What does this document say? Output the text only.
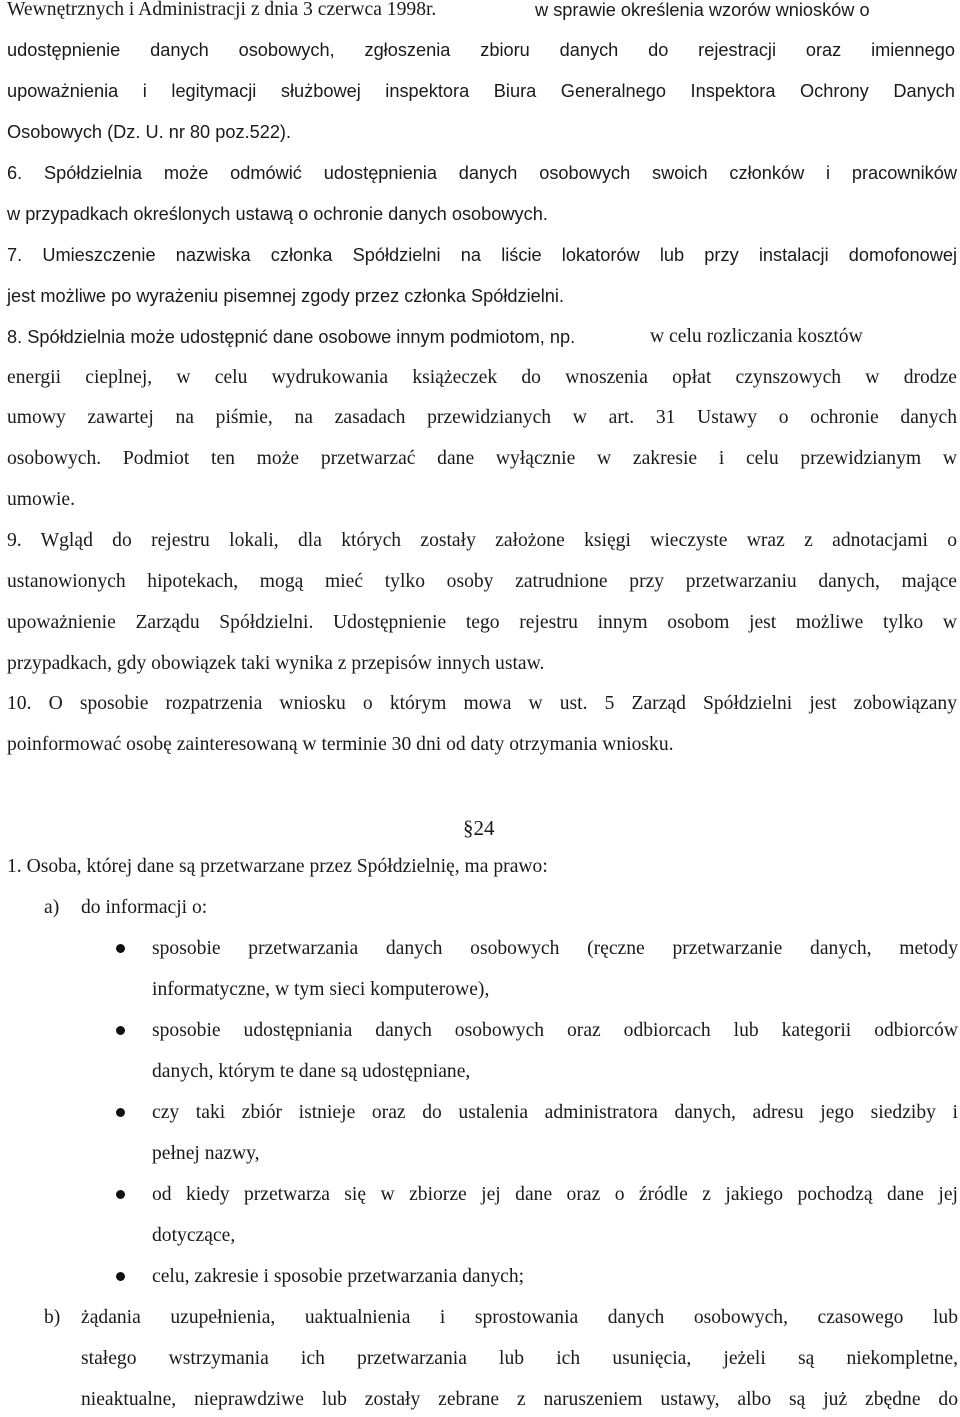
Wewnętrznych i Administracji z dnia 3 czerwca 1998r.	w sprawie określenia wzorów wniosków o
udostępnienie danych osobowych, zgłoszenia zbioru danych do rejestracji oraz imiennego
upoważnienia i legitymacji służbowej inspektora Biura Generalnego Inspektora Ochrony Danych
Osobowych (Dz. U. nr 80 poz.522).
6. Spółdzielnia może odmówić udostępnienia danych osobowych swoich członków i pracowników
w przypadkach określonych ustawą o ochronie danych osobowych.
7. Umieszczenie nazwiska członka Spółdzielni na liście lokatorów lub przy instalacji domofonowej
jest możliwe po wyrażeniu pisemnej zgody przez członka Spółdzielni.
8. Spółdzielnia może udostępnić dane osobowe innym podmiotom, np.	w celu rozliczania kosztów
energii cieplnej, w celu wydrukowania książeczek do wnoszenia opłat czynszowych w drodze
umowy zawartej na piśmie, na zasadach przewidzianych w art. 31 Ustawy o ochronie danych
osobowych. Podmiot ten może przetwarzać dane wyłącznie w zakresie i celu przewidzianym w
umowie.
9. Wgląd do rejestru lokali, dla których zostały założone księgi wieczyste wraz z adnotacjami o
ustanowionych hipotekach, mogą mieć tylko osoby zatrudnione przy przetwarzaniu danych, mające
upoważnienie Zarządu Spółdzielni. Udostępnienie tego rejestru innym osobom jest możliwe tylko w
przypadkach, gdy obowiązek taki wynika z przepisów innych ustaw.
10. O sposobie rozpatrzenia wniosku o którym mowa w ust. 5 Zarząd Spółdzielni jest zobowiązany
poinformować osobę zainteresowaną w terminie 30 dni od daty otrzymania wniosku.
§24
1. Osoba, której dane są przetwarzane przez Spółdzielnię, ma prawo:
a) do informacji o:
sposobie przetwarzania danych osobowych (ręczne przetwarzanie danych, metody
informatyczne, w tym sieci komputerowe),
sposobie udostępniania danych osobowych oraz odbiorcach lub kategorii odbiorców
danych, którym te dane są udostępniane,
czy taki zbiór istnieje oraz do ustalenia administratora danych, adresu jego siedziby i
pełnej nazwy,
od kiedy przetwarza się w zbiorze jej dane oraz o źródle z jakiego pochodzą dane jej
dotyczące,
celu, zakresie i sposobie przetwarzania danych;
b) żądania uzupełnienia, uaktualnienia i sprostowania danych osobowych, czasowego lub
stałego wstrzymania ich przetwarzania lub ich usunięcia, jeżeli są niekompletne,
nieaktualne, nieprawdziwe lub zostały zebrane z naruszeniem ustawy, albo są już zbędne do
